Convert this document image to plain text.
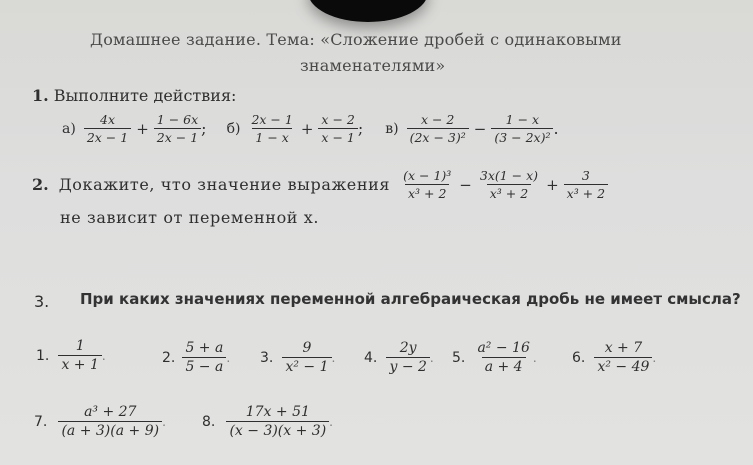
Домашнее задание. Тема: «Сложение дробей с одинаковыми
знаменателями»
1. Выполните действия:
$а) \frac{4x}{2x - 1} + \frac{1 - 6x}{2x - 1}$ ; $б) \frac{2x - 1}{1 - x} + \frac{x - 2}{x - 1}$ ; $в) \frac{x - 2}{\text{(2x − 3)²}} - \frac{1 - x}{\text{(3 − 2x)²}}$ .
2. Докажите, что значение выражения $\frac{\text{(x − 1)³}}{\text{x³ + 2}} - \frac{3x(1 - x)}{\text{x³ + 2}} + \frac{3}{\text{x³ + 2}}$
не зависит от переменной x.
3. При каких значениях переменной алгебраическая дробь не имеет смысла?
1. $\frac{1}{x + 1}$ .	2. $\frac{5 + a}{5 - a}$ . 3. $\frac{9}{\text{x² − 1}}$ . 4. $\frac{2y}{y - 2}$ . 5. $\frac{\text{a² − 16}}{a + 4}$ .	6. $\frac{x + 7}{\text{x² − 49}}$ .
7. $\frac{\text{a³ + 27}}{(a + 3)(a + 9)}$ .	8. $\frac{17x + 51}{(x - 3)(x + 3)}$ .
